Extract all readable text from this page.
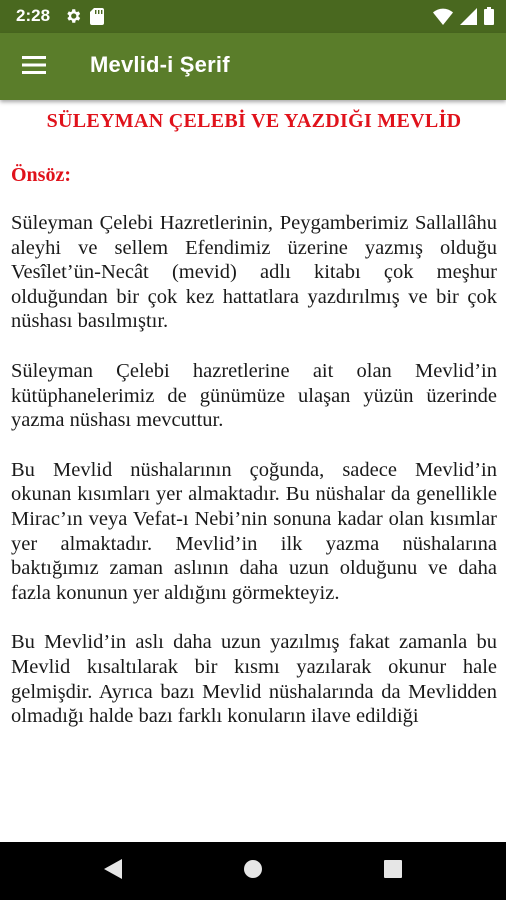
2:28
Mevlid-i Şerif
SÜLEYMAN ÇELEBİ VE YAZDIĞI MEVLİD
Önsöz:

Süleyman Çelebi Hazretlerinin, Peygamberimiz Sallallâhu aleyhi ve sellem Efendimiz üzerine yazmış olduğu Vesîlet’ün-Necât (mevid) adlı kitabı çok meşhur olduğundan bir çok kez hattatlara yazdırılmış ve bir çok nüshası basılmıştır.

Süleyman Çelebi hazretlerine ait olan Mevlid’in kütüphanelerimiz de günümüze ulaşan yüzün üzerinde yazma nüshası mevcuttur.

Bu Mevlid nüshalarının çoğunda, sadece Mevlid’in okunan kısımları yer almaktadır. Bu nüshalar da genellikle Mirac’ın veya Vefat-ı Nebi’nin sonuna kadar olan kısımlar yer almaktadır. Mevlid’in ilk yazma nüshalarına baktığımız zaman aslının daha uzun olduğunu ve daha fazla konunun yer aldığını görmekteyiz.

Bu Mevlid’in aslı daha uzun yazılmış fakat zamanla bu Mevlid kısaltılarak bir kısmı yazılarak okunur hale gelmişdir. Ayrıca bazı Mevlid nüshalarında da Mevlidden olmadığı halde bazı farklı konuların ilave edildiği
